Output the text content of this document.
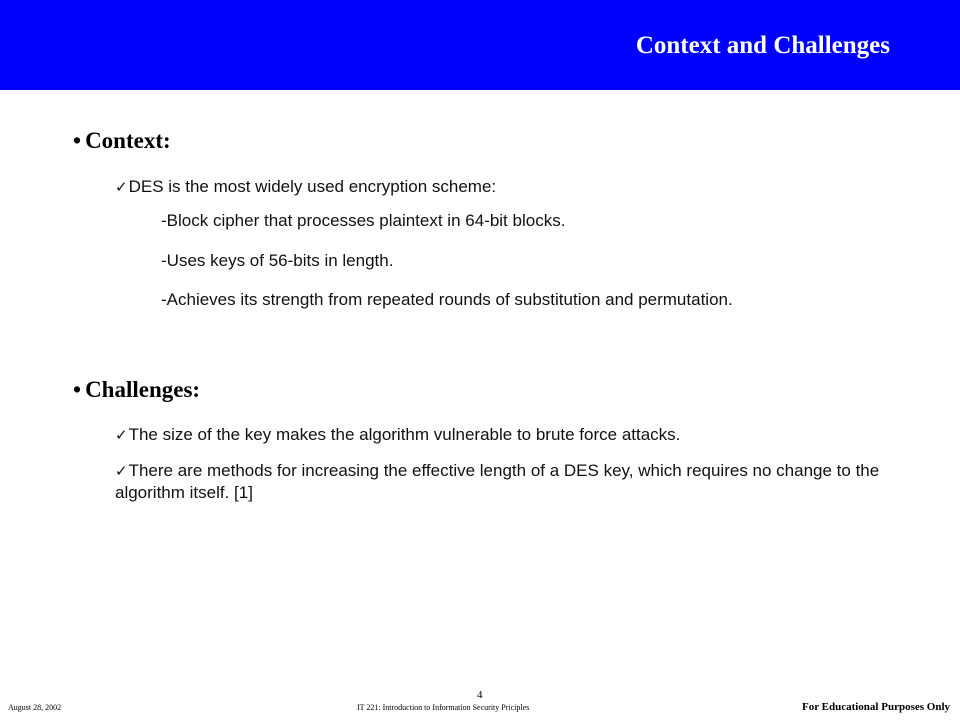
Context and Challenges
• Context:
✓DES is the most widely used encryption scheme:
-Block cipher that processes plaintext in 64-bit blocks.
-Uses keys of 56-bits in length.
-Achieves its strength from repeated rounds of substitution and permutation.
• Challenges:
✓The size of the key makes the algorithm vulnerable to brute force attacks.
✓There are methods for increasing the effective length of a DES key, which requires no change to the algorithm itself. [1]
4
August 28, 2002	IT 221: Introduction to Information Security Priciples	For Educational Purposes Only
